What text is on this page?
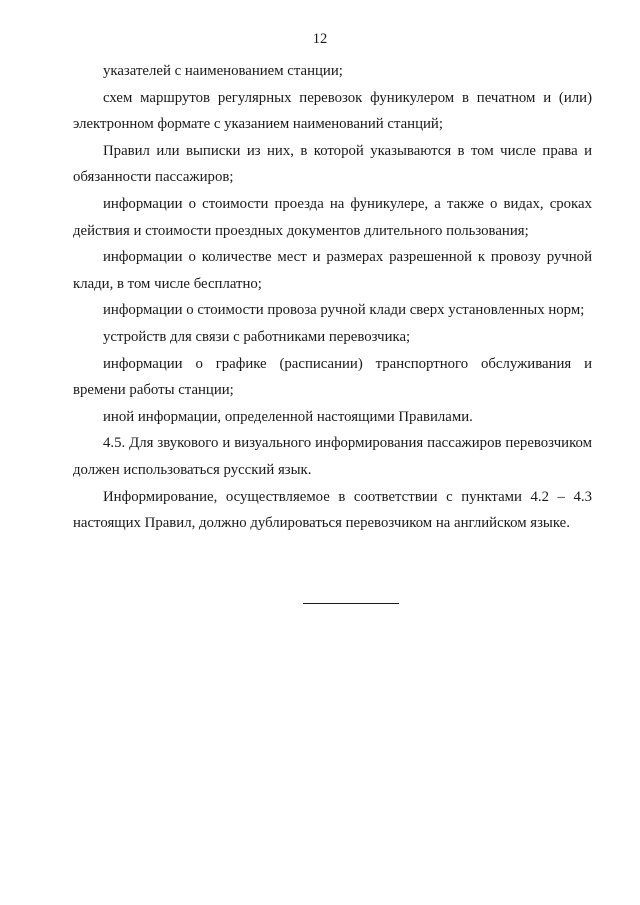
12

указателей с наименованием станции;

схем маршрутов регулярных перевозок фуникулером в печатном и (или) электронном формате с указанием наименований станций;

Правил или выписки из них, в которой указываются в том числе права и обязанности пассажиров;

информации о стоимости проезда на фуникулере, а также о видах, сроках действия и стоимости проездных документов длительного пользования;

информации о количестве мест и размерах разрешенной к провозу ручной клади, в том числе бесплатно;

информации о стоимости провоза ручной клади сверх установленных норм;

устройств для связи с работниками перевозчика;

информации о графике (расписании) транспортного обслуживания и времени работы станции;

иной информации, определенной настоящими Правилами.

4.5. Для звукового и визуального информирования пассажиров перевозчиком должен использоваться русский язык.

Информирование, осуществляемое в соответствии с пунктами 4.2 – 4.3 настоящих Правил, должно дублироваться перевозчиком на английском языке.
